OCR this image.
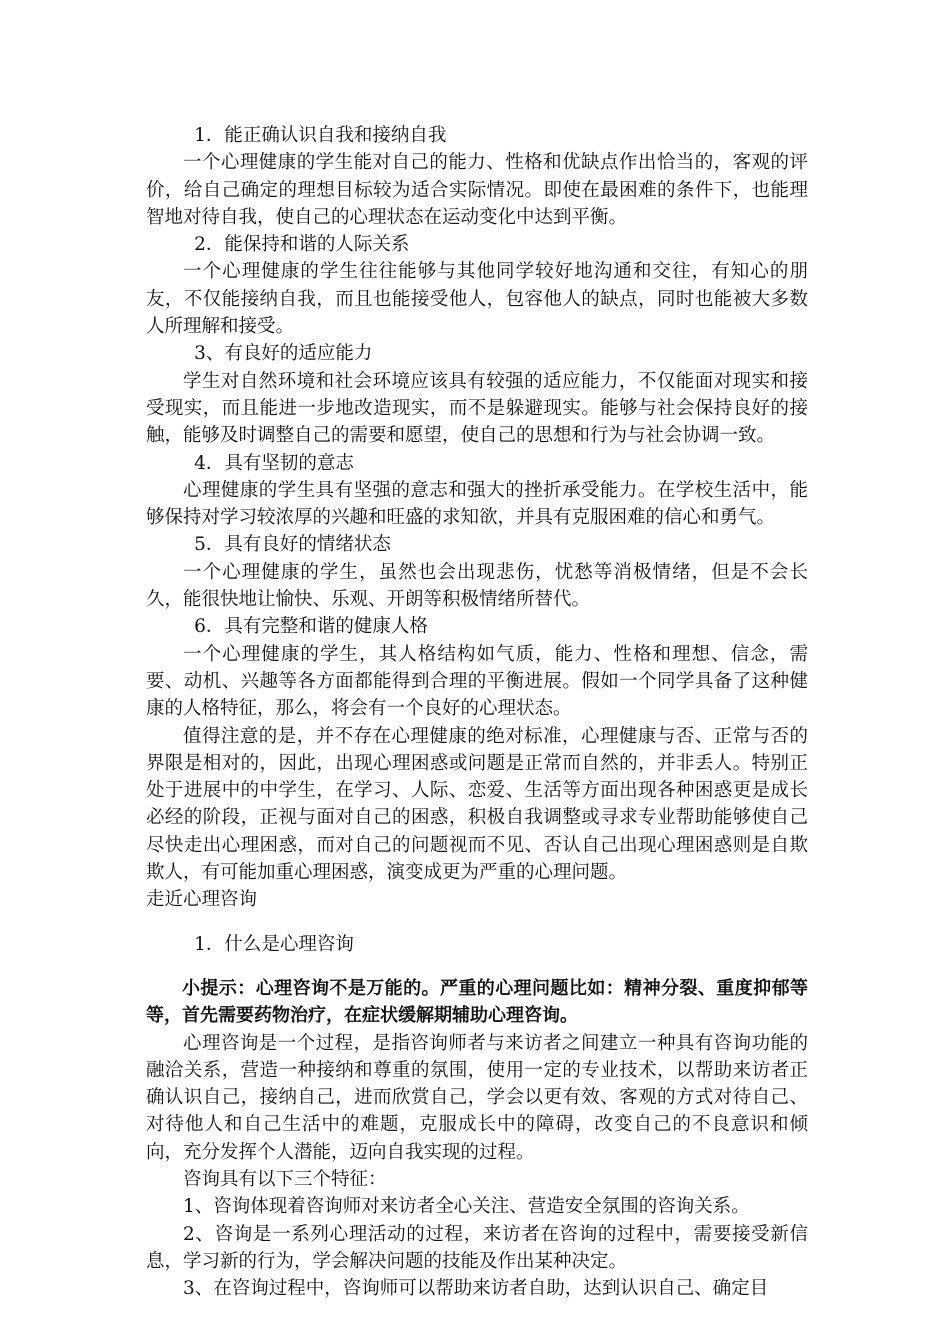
1．能正确认识自我和接纳自我

一个心理健康的学生能对自己的能力、性格和优缺点作出恰当的，客观的评价，给自己确定的理想目标较为适合实际情况。即使在最困难的条件下，也能理智地对待自我，使自己的心理状态在运动变化中达到平衡。

2．能保持和谐的人际关系

一个心理健康的学生往往能够与其他同学较好地沟通和交往，有知心的朋友，不仅能接纳自我，而且也能接受他人，包容他人的缺点，同时也能被大多数人所理解和接受。

3、有良好的适应能力

学生对自然环境和社会环境应该具有较强的适应能力，不仅能面对现实和接受现实，而且能进一步地改造现实，而不是躲避现实。能够与社会保持良好的接触，能够及时调整自己的需要和愿望，使自己的思想和行为与社会协调一致。

4．具有坚韧的意志

心理健康的学生具有坚强的意志和强大的挫折承受能力。在学校生活中，能够保持对学习较浓厚的兴趣和旺盛的求知欲，并具有克服困难的信心和勇气。

5．具有良好的情绪状态

一个心理健康的学生，虽然也会出现悲伤，忧愁等消极情绪，但是不会长久，能很快地让愉快、乐观、开朗等积极情绪所替代。

6．具有完整和谐的健康人格

一个心理健康的学生，其人格结构如气质，能力、性格和理想、信念，需要、动机、兴趣等各方面都能得到合理的平衡进展。假如一个同学具备了这种健康的人格特征，那么，将会有一个良好的心理状态。

值得注意的是，并不存在心理健康的绝对标准，心理健康与否、正常与否的界限是相对的，因此，出现心理困惑或问题是正常而自然的，并非丢人。特别正处于进展中的中学生，在学习、人际、恋爱、生活等方面出现各种困惑更是成长必经的阶段，正视与面对自己的困惑，积极自我调整或寻求专业帮助能够使自己尽快走出心理困惑，而对自己的问题视而不见、否认自己出现心理困惑则是自欺欺人，有可能加重心理困惑，演变成更为严重的心理问题。

走近心理咨询

1．什么是心理咨询

小提示：心理咨询不是万能的。严重的心理问题比如：精神分裂、重度抑郁等等，首先需要药物治疗，在症状缓解期辅助心理咨询。

心理咨询是一个过程，是指咨询师者与来访者之间建立一种具有咨询功能的融洽关系，营造一种接纳和尊重的氛围，使用一定的专业技术，以帮助来访者正确认识自己，接纳自己，进而欣赏自己，学会以更有效、客观的方式对待自己、对待他人和自己生活中的难题，克服成长中的障碍，改变自己的不良意识和倾向，充分发挥个人潜能，迈向自我实现的过程。

咨询具有以下三个特征：

1、咨询体现着咨询师对来访者全心关注、营造安全氛围的咨询关系。

2、咨询是一系列心理活动的过程，来访者在咨询的过程中，需要接受新信息，学习新的行为，学会解决问题的技能及作出某种决定。

3、在咨询过程中，咨询师可以帮助来访者自助，达到认识自己、确定目
